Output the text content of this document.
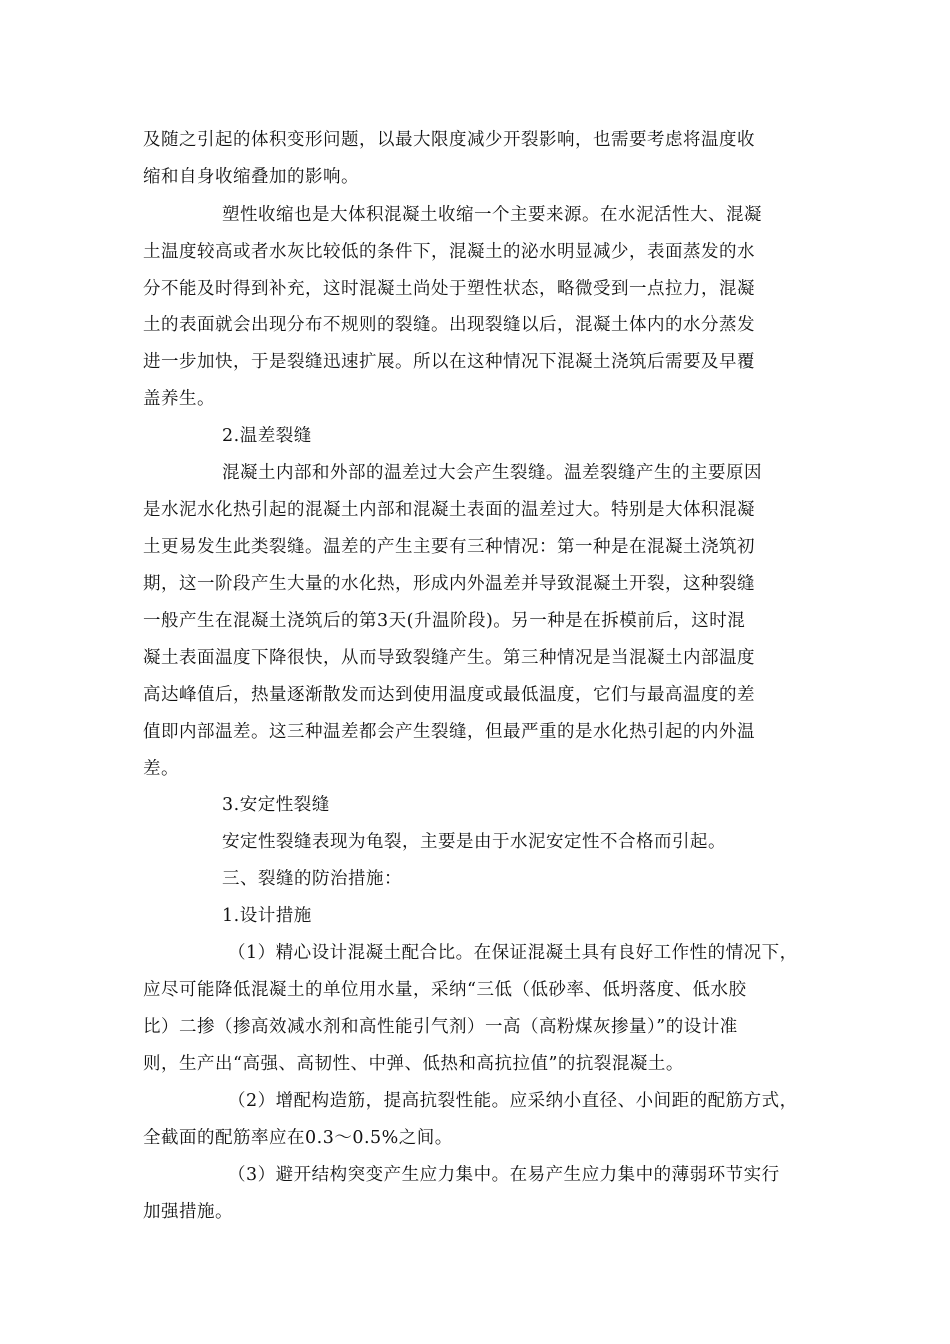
及随之引起的体积变形问题，以最大限度减少开裂影响，也需要考虑将温度收
缩和自身收缩叠加的影响。
塑性收缩也是大体积混凝土收缩一个主要来源。在水泥活性大、混凝
土温度较高或者水灰比较低的条件下，混凝土的泌水明显减少，表面蒸发的水
分不能及时得到补充，这时混凝土尚处于塑性状态，略微受到一点拉力，混凝
土的表面就会出现分布不规则的裂缝。出现裂缝以后，混凝土体内的水分蒸发
进一步加快，于是裂缝迅速扩展。所以在这种情况下混凝土浇筑后需要及早覆
盖养生。
2.温差裂缝
混凝土内部和外部的温差过大会产生裂缝。温差裂缝产生的主要原因
是水泥水化热引起的混凝土内部和混凝土表面的温差过大。特别是大体积混凝
土更易发生此类裂缝。温差的产生主要有三种情况：第一种是在混凝土浇筑初
期，这一阶段产生大量的水化热，形成内外温差并导致混凝土开裂，这种裂缝
一般产生在混凝土浇筑后的第3天(升温阶段)。另一种是在拆模前后，这时混
凝土表面温度下降很快，从而导致裂缝产生。第三种情况是当混凝土内部温度
高达峰值后，热量逐渐散发而达到使用温度或最低温度，它们与最高温度的差
值即内部温差。这三种温差都会产生裂缝，但最严重的是水化热引起的内外温
差。
3.安定性裂缝
安定性裂缝表现为龟裂，主要是由于水泥安定性不合格而引起。
三、裂缝的防治措施：
1.设计措施
（1）精心设计混凝土配合比。在保证混凝土具有良好工作性的情况下，
应尽可能降低混凝土的单位用水量，采纳“三低（低砂率、低坍落度、低水胶
比）二掺（掺高效减水剂和高性能引气剂）一高（高粉煤灰掺量）”的设计准
则，生产出“高强、高韧性、中弹、低热和高抗拉值”的抗裂混凝土。
（2）增配构造筋，提高抗裂性能。应采纳小直径、小间距的配筋方式，
全截面的配筋率应在0.3～0.5%之间。
（3）避开结构突变产生应力集中。在易产生应力集中的薄弱环节实行
加强措施。
